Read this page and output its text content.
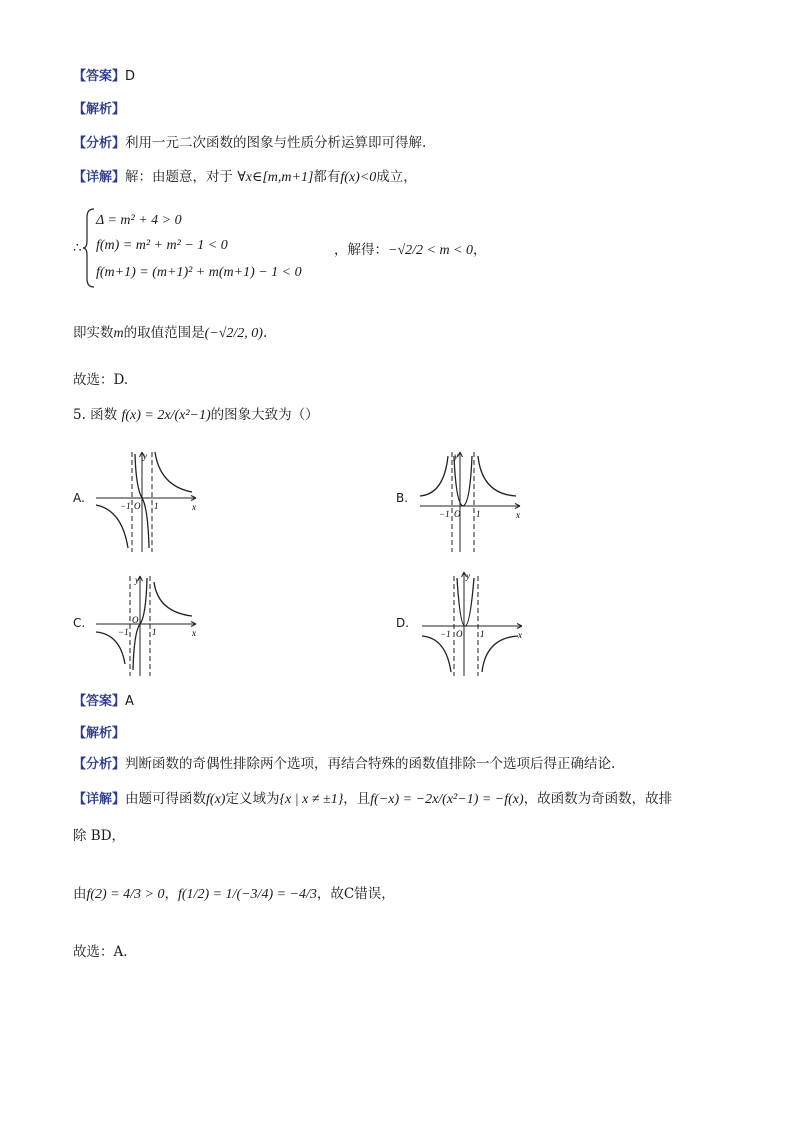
【答案】D
【解析】
【分析】利用一元二次函数的图象与性质分析运算即可得解.
【详解】解：由题意，对于 ∀x∈[m,m+1]都有f(x)<0成立，
∴
Δ = m² + 4 > 0
f(m) = m² + m² − 1 < 0
f(m+1) = (m+1)² + m(m+1) − 1 < 0
，解得：−√2/2 < m < 0，
即实数m的取值范围是(−√2/2, 0).
故选：D.
5. 函数 f(x) = 2x/(x²−1)的图象大致为（）
A.
y
x
O
−1	1
B.
y
x
O
−1	1
C.
y
x
O
−1	1
D.
y
x
O
−1	1
【答案】A
【解析】
【分析】判断函数的奇偶性排除两个选项，再结合特殊的函数值排除一个选项后得正确结论.
【详解】由题可得函数f(x)定义域为{x | x ≠ ±1}，且f(−x) = −2x/(x²−1) = −f(x)，故函数为奇函数，故排
除 BD，
由f(2) = 4/3 > 0，f(1/2) = 1/(−3/4) = −4/3，故C错误，
故选：A.
